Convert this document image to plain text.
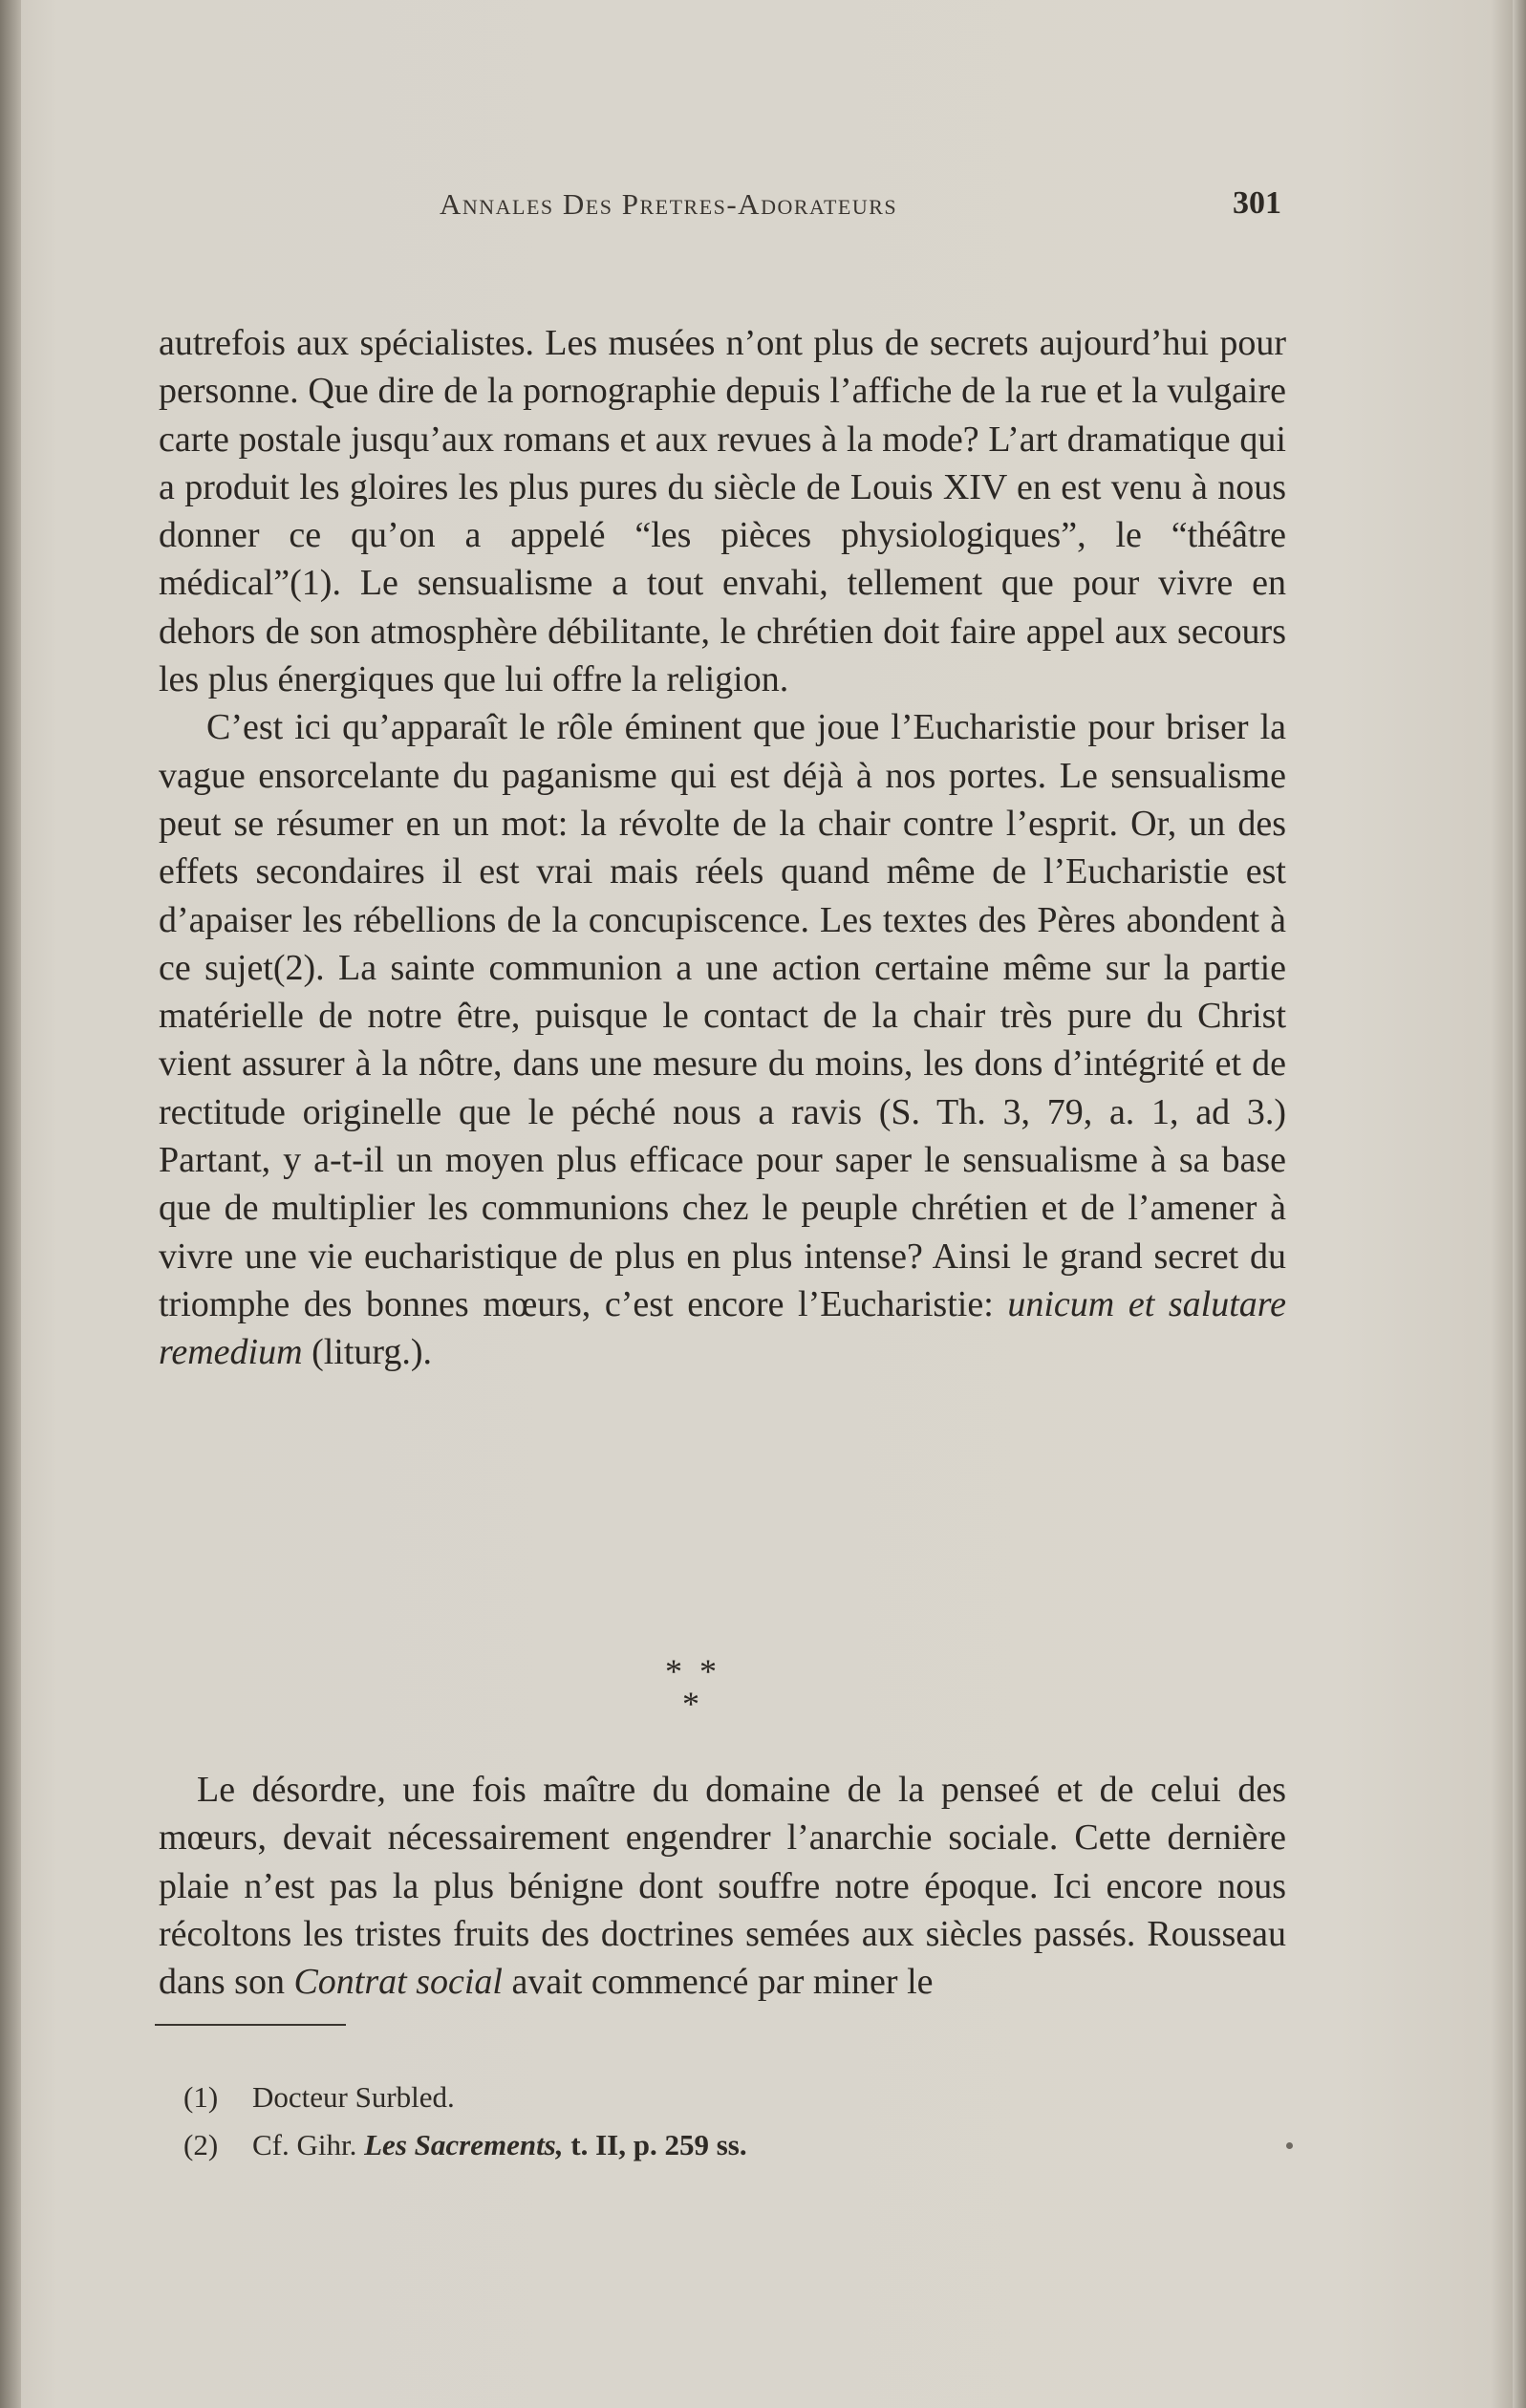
Annales Des Pretres-Adorateurs	301

autrefois aux spécialistes. Les musées n’ont plus de secrets aujourd’hui pour personne. Que dire de la pornographie depuis l’affiche de la rue et la vulgaire carte postale jusqu’aux romans et aux revues à la mode? L’art dramatique qui a produit les gloires les plus pures du siècle de Louis XIV en est venu à nous donner ce qu’on a appelé “les pièces physiologiques”, le “théâtre médical”(1). Le sensualisme a tout envahi, tellement que pour vivre en dehors de son atmosphère débilitante, le chrétien doit faire appel aux secours les plus énergiques que lui offre la religion.

C’est ici qu’apparaît le rôle éminent que joue l’Eucharistie pour briser la vague ensorcelante du paganisme qui est déjà à nos portes. Le sensualisme peut se résumer en un mot: la révolte de la chair contre l’esprit. Or, un des effets secondaires il est vrai mais réels quand même de l’Eucharistie est d’apaiser les rébellions de la concupiscence. Les textes des Pères abondent à ce sujet(2). La sainte communion a une action certaine même sur la partie matérielle de notre être, puisque le contact de la chair très pure du Christ vient assurer à la nôtre, dans une mesure du moins, les dons d’intégrité et de rectitude originelle que le péché nous a ravis (S. Th. 3, 79, a. 1, ad 3.) Partant, y a-t-il un moyen plus efficace pour saper le sensualisme à sa base que de multiplier les communions chez le peuple chrétien et de l’amener à vivre une vie eucharistique de plus en plus intense? Ainsi le grand secret du triomphe des bonnes mœurs, c’est encore l’Eucharistie: unicum et salutare remedium (liturg.).

* *
*

Le désordre, une fois maître du domaine de la penseé et de celui des mœurs, devait nécessairement engendrer l’anarchie sociale. Cette dernière plaie n’est pas la plus bénigne dont souffre notre époque. Ici encore nous récoltons les tristes fruits des doctrines semées aux siècles passés. Rousseau dans son Contrat social avait commencé par miner le

(1) Docteur Surbled.

(2) Cf. Gihr. Les Sacrements, t. II, p. 259 ss.
